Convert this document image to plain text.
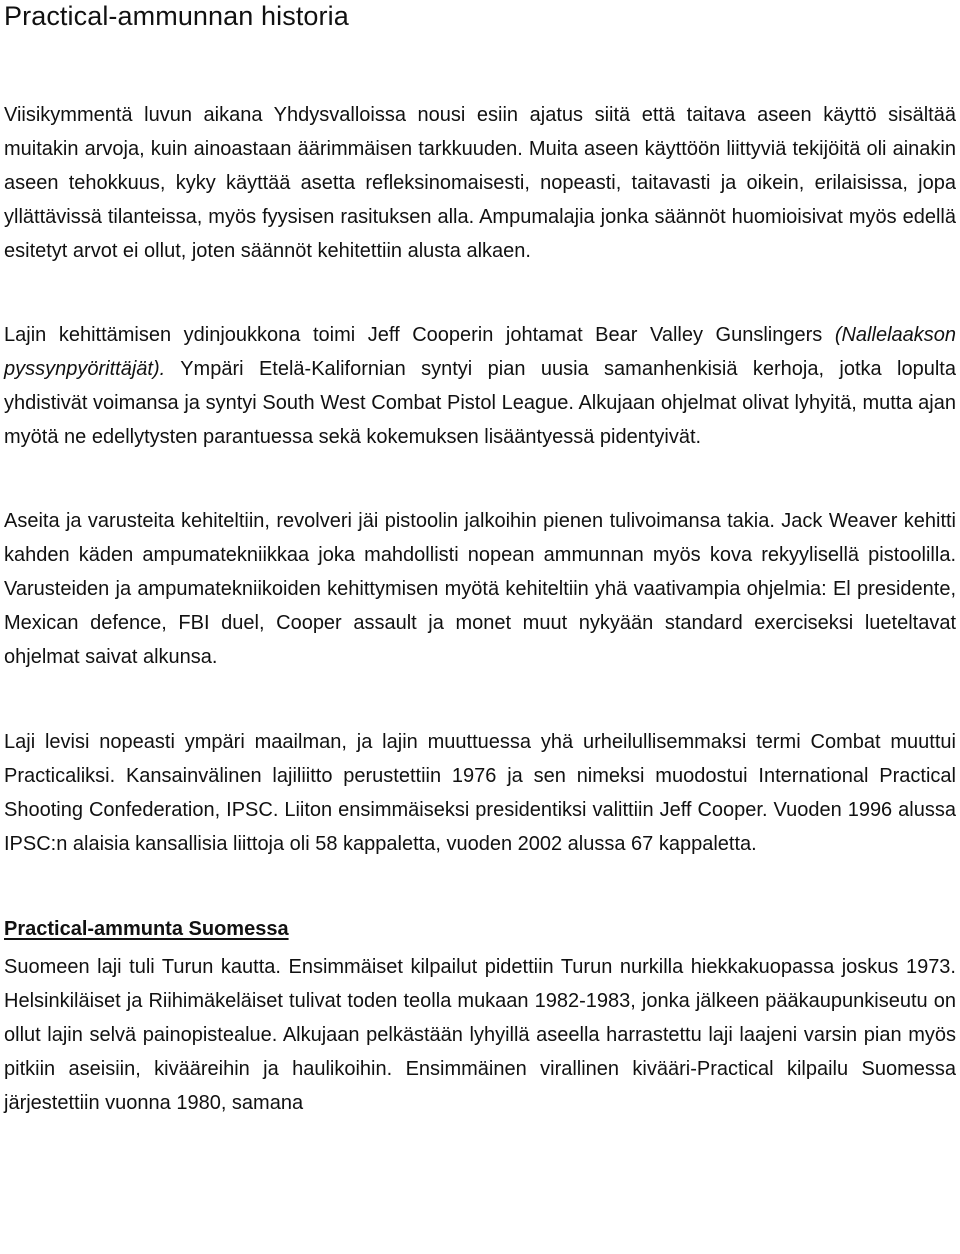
Practical-ammunnan historia

Viisikymmentä luvun aikana Yhdysvalloissa nousi esiin ajatus siitä että taitava aseen käyttö sisältää muitakin arvoja, kuin ainoastaan äärimmäisen tarkkuuden. Muita aseen käyttöön liittyviä tekijöitä oli ainakin aseen tehokkuus, kyky käyttää asetta refleksinomaisesti, nopeasti, taitavasti ja oikein, erilaisissa, jopa yllättävissä tilanteissa, myös fyysisen rasituksen alla. Ampumalajia jonka säännöt huomioisivat myös edellä esitetyt arvot ei ollut, joten säännöt kehitettiin alusta alkaen.

Lajin kehittämisen ydinjoukkona toimi Jeff Cooperin johtamat Bear Valley Gunslingers (Nallelaakson pyssynpyörittäjät). Ympäri Etelä-Kalifornian syntyi pian uusia samanhenkisiä kerhoja, jotka lopulta yhdistivät voimansa ja syntyi South West Combat Pistol League. Alkujaan ohjelmat olivat lyhyitä, mutta ajan myötä ne edellytysten parantuessa sekä kokemuksen lisääntyessä pidentyivät.

Aseita ja varusteita kehiteltiin, revolveri jäi pistoolin jalkoihin pienen tulivoimansa takia. Jack Weaver kehitti kahden käden ampumatekniikkaa joka mahdollisti nopean ammunnan myös kova rekyylisellä pistoolilla. Varusteiden ja ampumatekniikoiden kehittymisen myötä kehiteltiin yhä vaativampia ohjelmia: El presidente, Mexican defence, FBI duel, Cooper assault ja monet muut nykyään standard exerciseksi lueteltavat ohjelmat saivat alkunsa.

Laji levisi nopeasti ympäri maailman, ja lajin muuttuessa yhä urheilullisemmaksi termi Combat muuttui Practicaliksi. Kansainvälinen lajiliitto perustettiin 1976 ja sen nimeksi muodostui International Practical Shooting Confederation, IPSC. Liiton ensimmäiseksi presidentiksi valittiin Jeff Cooper. Vuoden 1996 alussa IPSC:n alaisia kansallisia liittoja oli 58 kappaletta, vuoden 2002 alussa 67 kappaletta.

Practical-ammunta Suomessa

Suomeen laji tuli Turun kautta. Ensimmäiset kilpailut pidettiin Turun nurkilla hiekkakuopassa joskus 1973. Helsinkiläiset ja Riihimäkeläiset tulivat toden teolla mukaan 1982-1983, jonka jälkeen pääkaupunkiseutu on ollut lajin selvä painopistealue. Alkujaan pelkästään lyhyillä aseella harrastettu laji laajeni varsin pian myös pitkiin aseisiin, kivääreihin ja haulikoihin. Ensimmäinen virallinen kivääri-Practical kilpailu Suomessa järjestettiin vuonna 1980, samana
